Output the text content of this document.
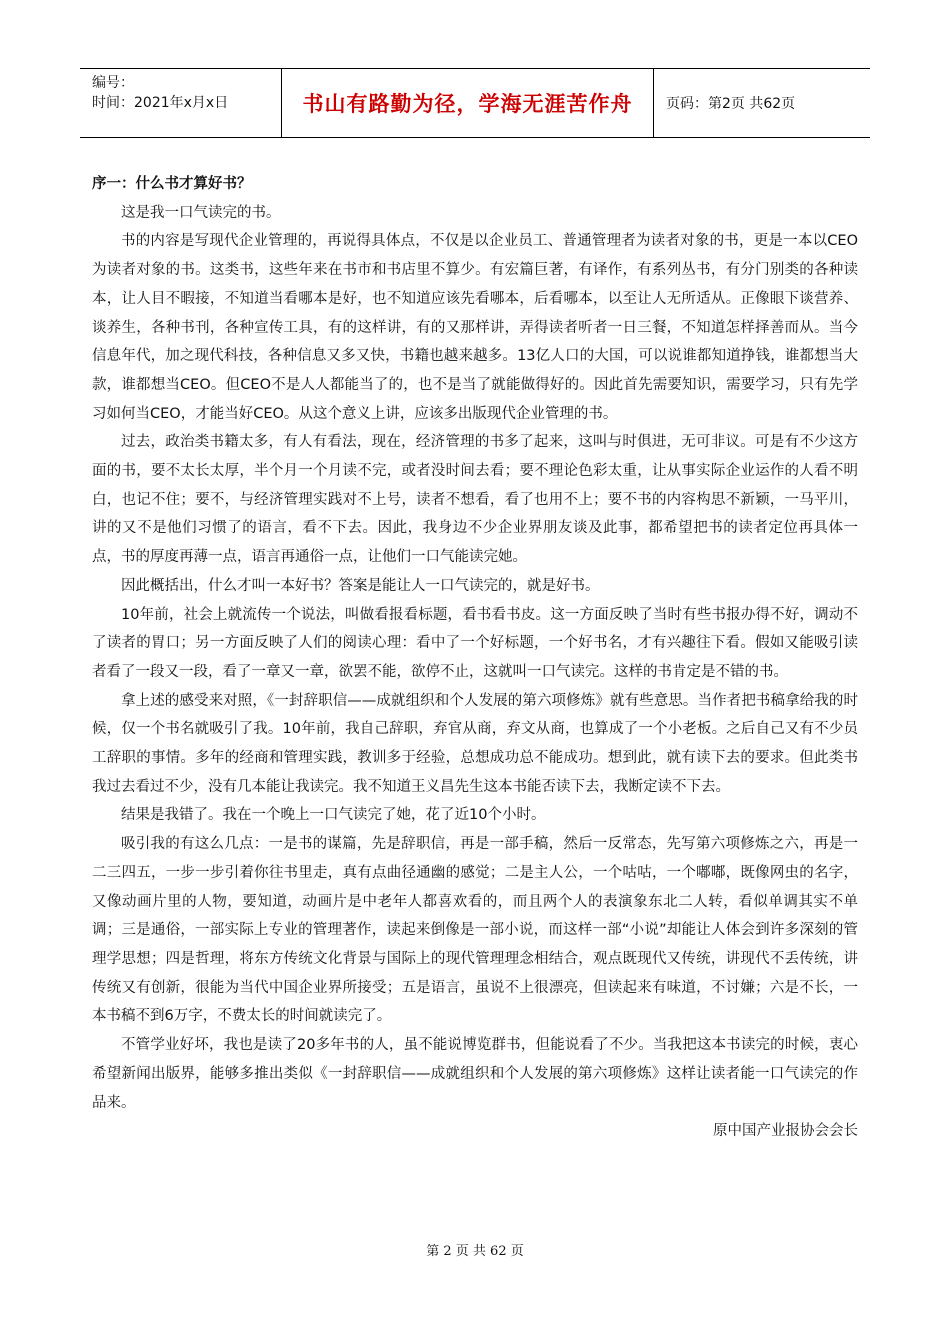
编号：
时间：2021年x月x日	书山有路勤为径，学海无涯苦作舟	页码：第2页 共62页

序一：什么书才算好书？

这是我一口气读完的书。

书的内容是写现代企业管理的，再说得具体点，不仅是以企业员工、普通管理者为读者对象的书，更是一本以CEO为读者对象的书。这类书，这些年来在书市和书店里不算少。有宏篇巨著，有译作，有系列丛书，有分门别类的各种读本，让人目不暇接，不知道当看哪本是好，也不知道应该先看哪本，后看哪本，以至让人无所适从。正像眼下谈营养、谈养生，各种书刊，各种宣传工具，有的这样讲，有的又那样讲，弄得读者听者一日三餐，不知道怎样择善而从。当今信息年代，加之现代科技，各种信息又多又快，书籍也越来越多。13亿人口的大国，可以说谁都知道挣钱，谁都想当大款，谁都想当CEO。但CEO不是人人都能当了的，也不是当了就能做得好的。因此首先需要知识，需要学习，只有先学习如何当CEO，才能当好CEO。从这个意义上讲，应该多出版现代企业管理的书。

过去，政治类书籍太多，有人有看法，现在，经济管理的书多了起来，这叫与时俱进，无可非议。可是有不少这方面的书，要不太长太厚，半个月一个月读不完，或者没时间去看；要不理论色彩太重，让从事实际企业运作的人看不明白，也记不住；要不，与经济管理实践对不上号，读者不想看，看了也用不上；要不书的内容构思不新颖，一马平川，讲的又不是他们习惯了的语言，看不下去。因此，我身边不少企业界朋友谈及此事，都希望把书的读者定位再具体一点，书的厚度再薄一点，语言再通俗一点，让他们一口气能读完她。

因此概括出，什么才叫一本好书？答案是能让人一口气读完的，就是好书。

10年前，社会上就流传一个说法，叫做看报看标题，看书看书皮。这一方面反映了当时有些书报办得不好，调动不了读者的胃口；另一方面反映了人们的阅读心理：看中了一个好标题，一个好书名，才有兴趣往下看。假如又能吸引读者看了一段又一段，看了一章又一章，欲罢不能，欲停不止，这就叫一口气读完。这样的书肯定是不错的书。

拿上述的感受来对照，《一封辞职信——成就组织和个人发展的第六项修炼》就有些意思。当作者把书稿拿给我的时候，仅一个书名就吸引了我。10年前，我自己辞职，弃官从商，弃文从商，也算成了一个小老板。之后自己又有不少员工辞职的事情。多年的经商和管理实践，教训多于经验，总想成功总不能成功。想到此，就有读下去的要求。但此类书我过去看过不少，没有几本能让我读完。我不知道王义昌先生这本书能否读下去，我断定读不下去。

结果是我错了。我在一个晚上一口气读完了她，花了近10个小时。

吸引我的有这么几点：一是书的谋篇，先是辞职信，再是一部手稿，然后一反常态，先写第六项修炼之六，再是一二三四五，一步一步引着你往书里走，真有点曲径通幽的感觉；二是主人公，一个咕咕，一个嘟嘟，既像网虫的名字，又像动画片里的人物，要知道，动画片是中老年人都喜欢看的，而且两个人的表演象东北二人转，看似单调其实不单调；三是通俗，一部实际上专业的管理著作，读起来倒像是一部小说，而这样一部“小说”却能让人体会到许多深刻的管理学思想；四是哲理，将东方传统文化背景与国际上的现代管理理念相结合，观点既现代又传统，讲现代不丢传统，讲传统又有创新，很能为当代中国企业界所接受；五是语言，虽说不上很漂亮，但读起来有味道，不讨嫌；六是不长，一本书稿不到6万字，不费太长的时间就读完了。

不管学业好坏，我也是读了20多年书的人，虽不能说博览群书，但能说看了不少。当我把这本书读完的时候，衷心希望新闻出版界，能够多推出类似《一封辞职信——成就组织和个人发展的第六项修炼》这样让读者能一口气读完的作品来。

原中国产业报协会会长

第 2 页 共 62 页
